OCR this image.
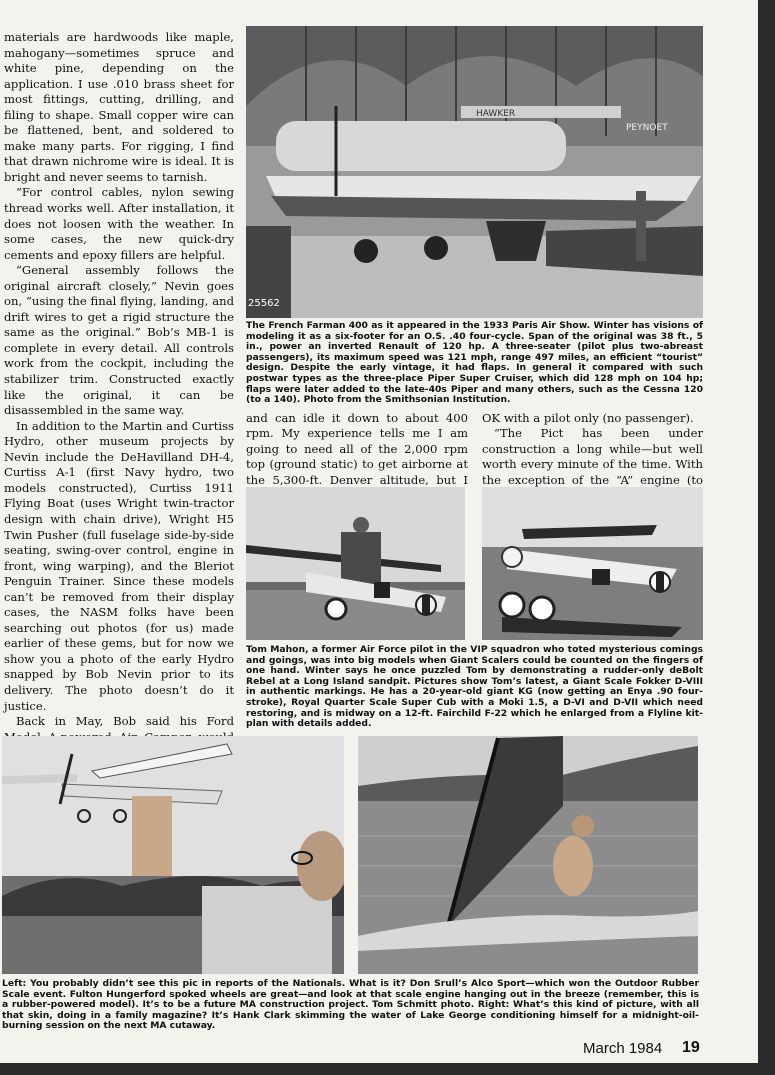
materials are hardwoods like maple, mahogany—sometimes spruce and white pine, depending on the application. I use .010 brass sheet for most fittings, cutting, drilling, and filing to shape. Small copper wire can be flattened, bent, and soldered to make many parts. For rigging, I find that drawn nichrome wire is ideal. It is bright and never seems to tarnish.

“For control cables, nylon sewing thread works well. After installation, it does not loosen with the weather. In some cases, the new quick-dry cements and epoxy fillers are helpful.

“General assembly follows the original aircraft closely,” Nevin goes on, “using the final flying, landing, and drift wires to get a rigid structure the same as the original.” Bob’s MB-1 is complete in every detail. All controls work from the cockpit, including the stabilizer trim. Constructed exactly like the original, it can be disassembled in the same way.

In addition to the Martin and Curtiss Hydro, other museum projects by Nevin include the DeHavilland DH-4, Curtiss A-1 (first Navy hydro, two models constructed), Curtiss 1911 Flying Boat (uses Wright twin-tractor design with chain drive), Wright H5 Twin Pusher (full fuselage side-by-side seating, swing-over control, engine in front, wing warping), and the Bleriot Penguin Trainer. Since these models can’t be removed from their display cases, the NASM folks have been searching out photos (for us) made earlier of these gems, but for now we show you a photo of the early Hydro snapped by Bob Nevin prior to its delivery. The photo doesn’t do it justice.

Back in May, Bob said his Ford

HAWKER
PEYNOET
25562
The French Farman 400 as it appeared in the 1933 Paris Air Show. Winter has visions of modeling it as a six-footer for an O.S. .40 four-cycle. Span of the original was 38 ft., 5 in., power an inverted Renault of 120 hp. A three-seater (pilot plus two-abreast passengers), its maximum speed was 121 mph, range 497 miles, an efficient “tourist” design. Despite the early vintage, it had flaps. In general it compared with such postwar types as the three-place Piper Super Cruiser, which did 128 mph on 104 hp; flaps were later added to the late-40s Piper and many others, such as the Cessna 120 (to a 140). Photo from the Smithsonian Institution.

and can idle it down to about 400 rpm. My experience tells me I am going to need all of the 2,000 rpm top (ground static) to get airborne at the 5,300-ft. Denver altitude, but I

OK with a pilot only (no passenger).

“The Pict has been under construction a long while—but well worth every minute of the time. With the exception of the “A” engine (to

Tom Mahon, a former Air Force pilot in the VIP squadron who toted mysterious comings and goings, was into big models when Giant Scalers could be counted on the fingers of one hand. Winter says he once puzzled Tom by demonstrating a rudder-only deBolt Rebel at a Long Island sandpit. Pictures show Tom’s latest, a Giant Scale Fokker D-VIII in authentic markings. He has a 20-year-old giant KG (now getting an Enya .90 four-stroke), Royal Quarter Scale Super Cub with a Moki 1.5, a D-VI and D-VII which need restoring, and is midway on a 12-ft. Fairchild F-22 which he enlarged from a Flyline kit-plan with details added.
Left: You probably didn’t see this pic in reports of the Nationals. What is it? Don Srull’s Alco Sport—which won the Outdoor Rubber Scale event. Fulton Hungerford spoked wheels are great—and look at that scale engine hanging out in the breeze (remember, this is a rubber-powered model). It’s to be a future MA construction project. Tom Schmitt photo. Right: What’s this kind of picture, with all that skin, doing in a family magazine? It’s Hank Clark skimming the water of Lake George conditioning himself for a midnight-oil-burning session on the next MA cutaway.
March 1984 19
